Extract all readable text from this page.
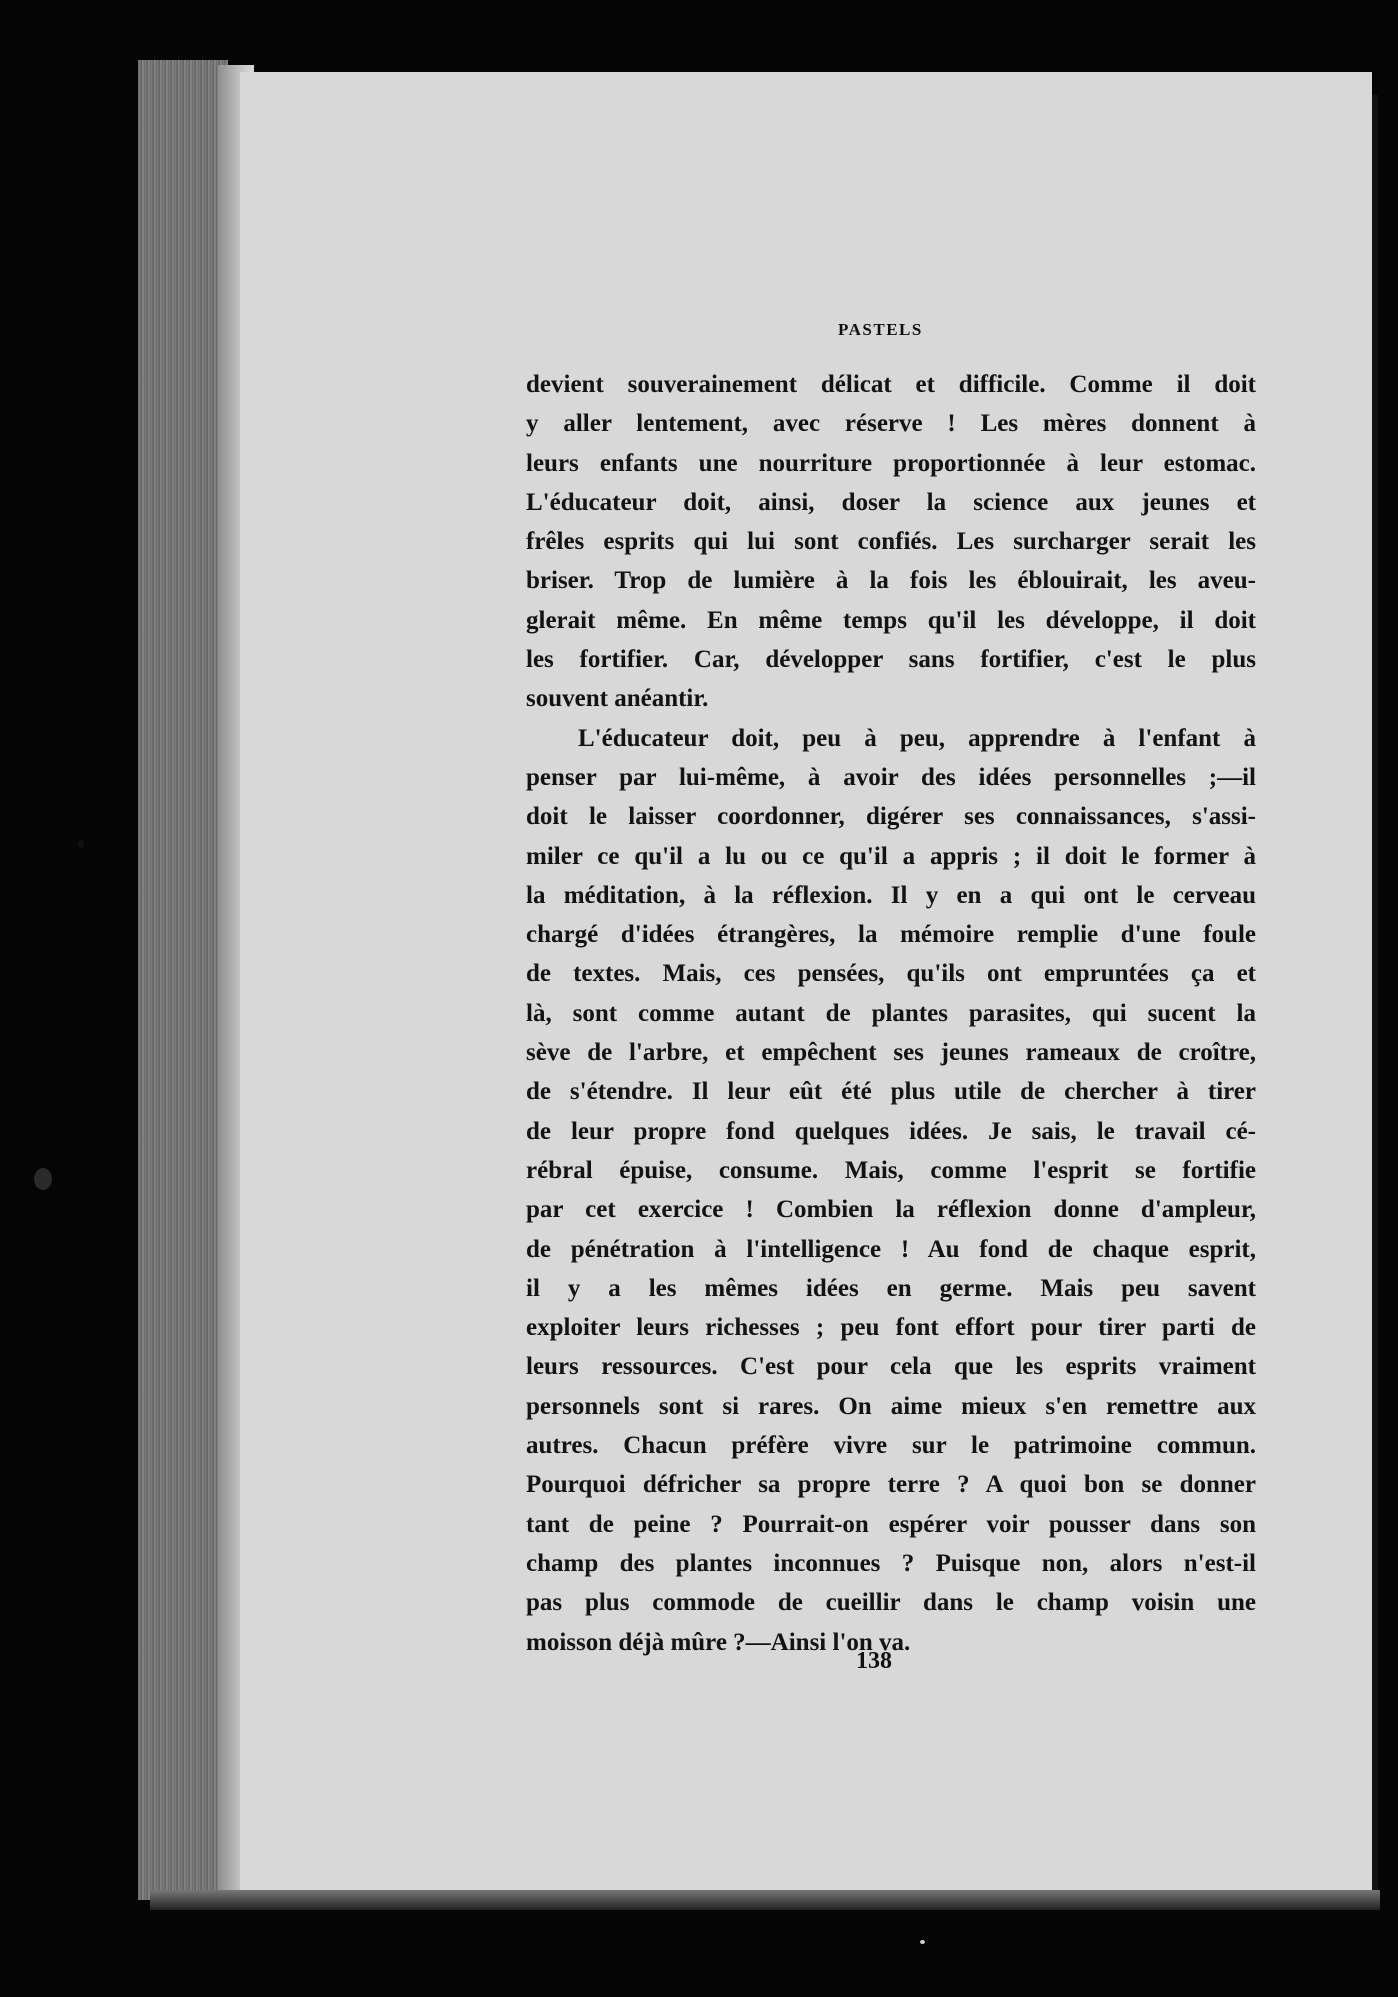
PASTELS

devient souverainement délicat et difficile. Comme il doit

y aller lentement, avec réserve ! Les mères donnent à

leurs enfants une nourriture proportionnée à leur estomac.

L'éducateur doit, ainsi, doser la science aux jeunes et

frêles esprits qui lui sont confiés. Les surcharger serait les

briser. Trop de lumière à la fois les éblouirait, les aveu-

glerait même. En même temps qu'il les développe, il doit

les fortifier. Car, développer sans fortifier, c'est le plus

souvent anéantir.

L'éducateur doit, peu à peu, apprendre à l'enfant à

penser par lui-même, à avoir des idées personnelles ;—il

doit le laisser coordonner, digérer ses connaissances, s'assi-

miler ce qu'il a lu ou ce qu'il a appris ; il doit le former à

la méditation, à la réflexion. Il y en a qui ont le cerveau

chargé d'idées étrangères, la mémoire remplie d'une foule

de textes. Mais, ces pensées, qu'ils ont empruntées ça et

là, sont comme autant de plantes parasites, qui sucent la

sève de l'arbre, et empêchent ses jeunes rameaux de croître,

de s'étendre. Il leur eût été plus utile de chercher à tirer

de leur propre fond quelques idées. Je sais, le travail cé-

rébral épuise, consume. Mais, comme l'esprit se fortifie

par cet exercice ! Combien la réflexion donne d'ampleur,

de pénétration à l'intelligence ! Au fond de chaque esprit,

il y a les mêmes idées en germe. Mais peu savent

exploiter leurs richesses ; peu font effort pour tirer parti de

leurs ressources. C'est pour cela que les esprits vraiment

personnels sont si rares. On aime mieux s'en remettre aux

autres. Chacun préfère vivre sur le patrimoine commun.

Pourquoi défricher sa propre terre ? A quoi bon se donner

tant de peine ? Pourrait-on espérer voir pousser dans son

champ des plantes inconnues ? Puisque non, alors n'est-il

pas plus commode de cueillir dans le champ voisin une

moisson déjà mûre ?—Ainsi l'on va.

138
